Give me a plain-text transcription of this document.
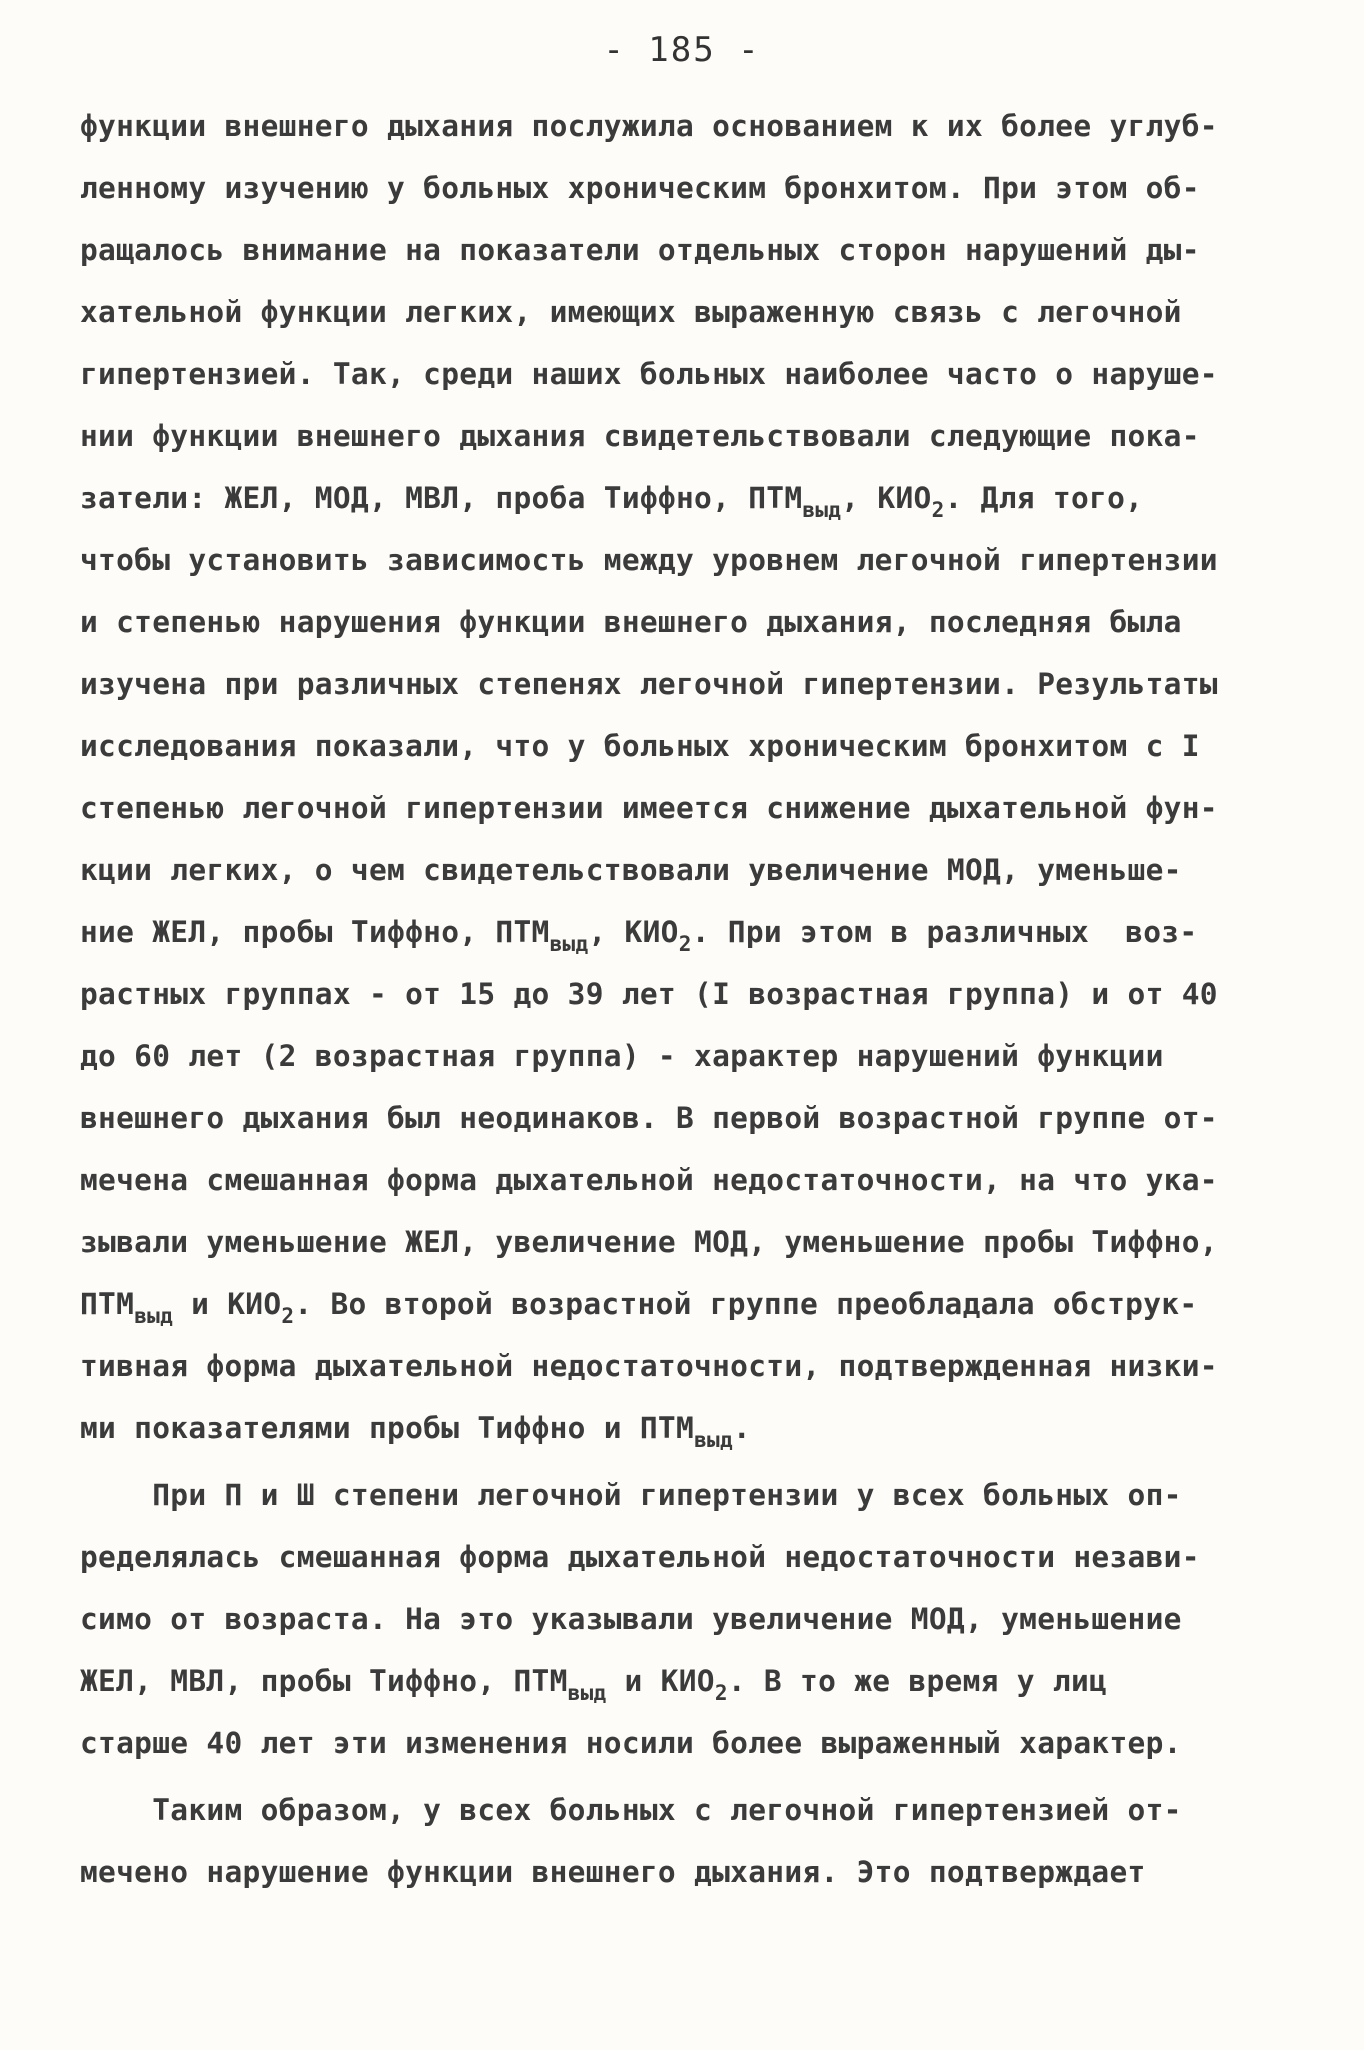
- 185 -
функции внешнего дыхания послужила основанием к их более углуб-
ленному изучению у больных хроническим бронхитом. При этом об-
ращалось внимание на показатели отдельных сторон нарушений ды-
хательной функции легких, имеющих выраженную связь с легочной
гипертензией. Так, среди наших больных наиболее часто о наруше-
нии функции внешнего дыхания свидетельствовали следующие пока-
затели: ЖЕЛ, МОД, МВЛ, проба Тиффно, $ПТМ_{выд}$, $КИО_2$. Для того,
чтобы установить зависимость между уровнем легочной гипертензии
и степенью нарушения функции внешнего дыхания, последняя была
изучена при различных степенях легочной гипертензии. Результаты
исследования показали, что у больных хроническим бронхитом с I
степенью легочной гипертензии имеется снижение дыхательной фун-
кции легких, о чем свидетельствовали увеличение МОД, уменьше-
ние ЖЕЛ, пробы Тиффно, $ПТМ_{выд}$, $КИО_2$. При этом в различных  воз-
растных группах - от 15 до 39 лет (I возрастная группа) и от 40
до 60 лет (2 возрастная группа) - характер нарушений функции
внешнего дыхания был неодинаков. В первой возрастной группе от-
мечена смешанная форма дыхательной недостаточности, на что ука-
зывали уменьшение ЖЕЛ, увеличение МОД, уменьшение пробы Тиффно,
$ПТМ_{выд}$ и $КИО_2$. Во второй возрастной группе преобладала обструк-
тивная форма дыхательной недостаточности, подтвержденная низки-
ми показателями пробы Тиффно и $ПТМ_{выд}$.
При П и Ш степени легочной гипертензии у всех больных оп-
ределялась смешанная форма дыхательной недостаточности незави-
симо от возраста. На это указывали увеличение МОД, уменьшение
ЖЕЛ, МВЛ, пробы Тиффно, $ПТМ_{выд}$ и $КИО_2$. В то же время у лиц
старше 40 лет эти изменения носили более выраженный характер.
Таким образом, у всех больных с легочной гипертензией от-
мечено нарушение функции внешнего дыхания. Это подтверждает
